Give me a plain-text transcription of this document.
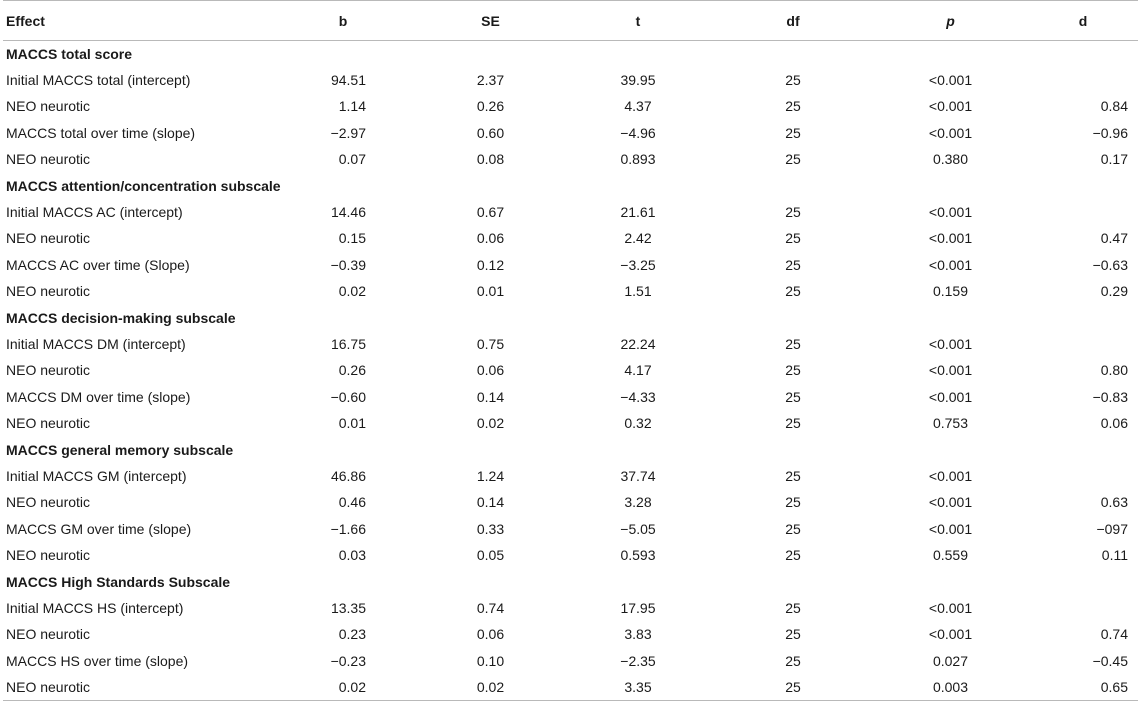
Effect	b	SE	t	df	p	d
MACCS total score						
Initial MACCS total (intercept)	94.51	2.37	39.95	25	<0.001	
NEO neurotic	1.14	0.26	4.37	25	<0.001	0.84
MACCS total over time (slope)	−2.97	0.60	−4.96	25	<0.001	−0.96
NEO neurotic	0.07	0.08	0.893	25	0.380	0.17
MACCS attention/concentration subscale						
Initial MACCS AC (intercept)	14.46	0.67	21.61	25	<0.001	
NEO neurotic	0.15	0.06	2.42	25	<0.001	0.47
MACCS AC over time (Slope)	−0.39	0.12	−3.25	25	<0.001	−0.63
NEO neurotic	0.02	0.01	1.51	25	0.159	0.29
MACCS decision-making subscale						
Initial MACCS DM (intercept)	16.75	0.75	22.24	25	<0.001	
NEO neurotic	0.26	0.06	4.17	25	<0.001	0.80
MACCS DM over time (slope)	−0.60	0.14	−4.33	25	<0.001	−0.83
NEO neurotic	0.01	0.02	0.32	25	0.753	0.06
MACCS general memory subscale						
Initial MACCS GM (intercept)	46.86	1.24	37.74	25	<0.001	
NEO neurotic	0.46	0.14	3.28	25	<0.001	0.63
MACCS GM over time (slope)	−1.66	0.33	−5.05	25	<0.001	−097
NEO neurotic	0.03	0.05	0.593	25	0.559	0.11
MACCS High Standards Subscale						
Initial MACCS HS (intercept)	13.35	0.74	17.95	25	<0.001	
NEO neurotic	0.23	0.06	3.83	25	<0.001	0.74
MACCS HS over time (slope)	−0.23	0.10	−2.35	25	0.027	−0.45
NEO neurotic	0.02	0.02	3.35	25	0.003	0.65
